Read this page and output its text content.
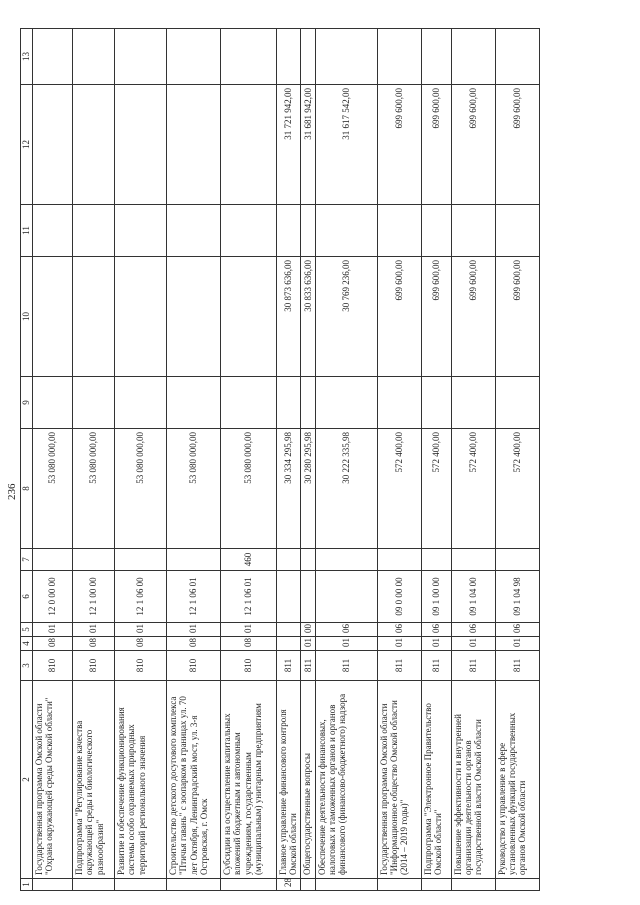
236
1	2	3	4	5	6	7	8	9	10	11	12	13
	Государственная программа Омской области "Охрана окружающей среды Омской области"	810	08	01	12 0 00 00		53 080 000,00					
	Подпрограмма "Регулирование качества окружающей среды и биологического разнообразия"	810	08	01	12 1 00 00		53 080 000,00					
	Развитие и обеспечение функционирования системы особо охраняемых природных территорий регионального значения	810	08	01	12 1 06 00		53 080 000,00					
	Строительство детского досугового комплекса "Птичья гавань" с зоопарком в границах ул. 70 лет Октября, Ленинградский мост, ул. 3-я Островская, г. Омск	810	08	01	12 1 06 01		53 080 000,00					
	Субсидии на осуществление капитальных вложений бюджетным и автономным учреждениям, государственным (муниципальным) унитарным предприятиям	810	08	01	12 1 06 01	460	53 080 000,00					
28	Главное управление финансового контроля Омской области	811					30 334 295,98		30 873 636,00		31 721 942,00	
	Общегосударственные вопросы	811	01	00			30 280 295,98		30 833 636,00		31 681 942,00	
	Обеспечение деятельности финансовых, налоговых и таможенных органов и органов финансового (финансово-бюджетного) надзора	811	01	06			30 222 335,98		30 769 236,00		31 617 542,00	
	Государственная программа Омской области "Информационное общество Омской области (2014 – 2019 годы)"	811	01	06	09 0 00 00		572 400,00		699 600,00		699 600,00	
	Подпрограмма "Электронное Правительство Омской области"	811	01	06	09 1 00 00		572 400,00		699 600,00		699 600,00	
	Повышение эффективности и внутренней организации деятельности органов государственной власти Омской области	811	01	06	09 1 04 00		572 400,00		699 600,00		699 600,00	
	Руководство и управление в сфере установленных функций государственных органов Омской области	811	01	06	09 1 04 98		572 400,00		699 600,00		699 600,00	
